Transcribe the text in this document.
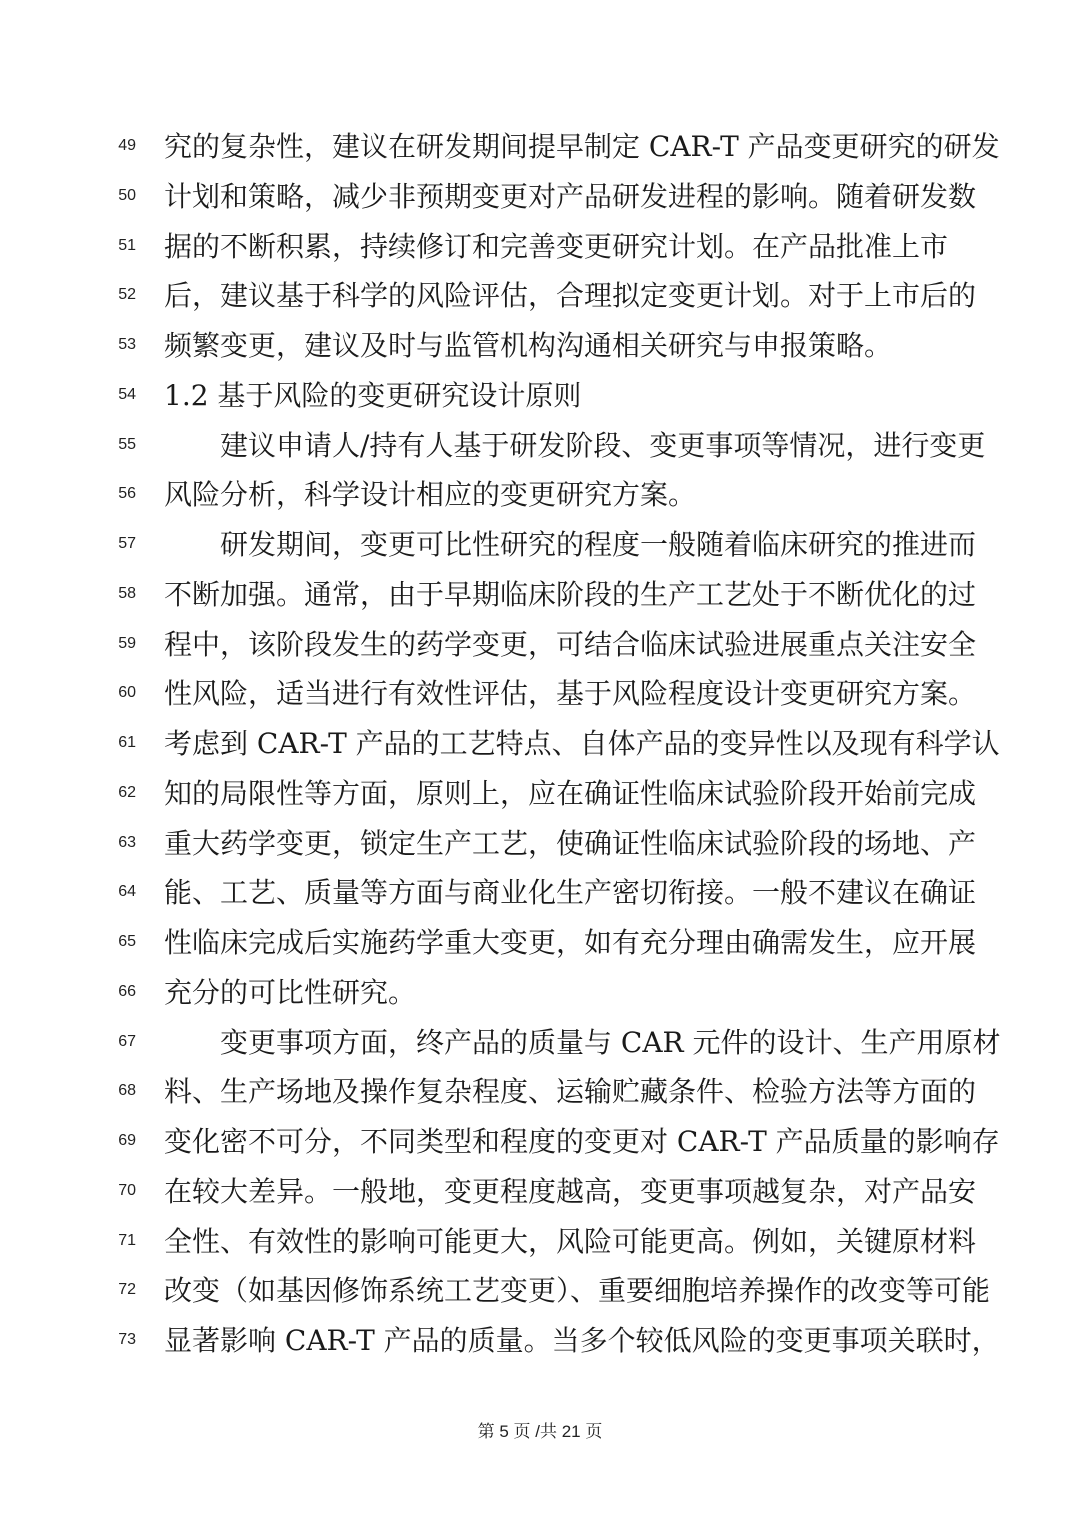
49 究的复杂性，建议在研发期间提早制定 CAR-T 产品变更研究的研发
50 计划和策略，减少非预期变更对产品研发进程的影响。随着研发数
51 据的不断积累，持续修订和完善变更研究计划。在产品批准上市
52 后，建议基于科学的风险评估，合理拟定变更计划。对于上市后的
53 频繁变更，建议及时与监管机构沟通相关研究与申报策略。
54 1.2 基于风险的变更研究设计原则
55	建议申请人/持有人基于研发阶段、变更事项等情况，进行变更
56 风险分析，科学设计相应的变更研究方案。
57	研发期间，变更可比性研究的程度一般随着临床研究的推进而
58 不断加强。通常，由于早期临床阶段的生产工艺处于不断优化的过
59 程中，该阶段发生的药学变更，可结合临床试验进展重点关注安全
60 性风险，适当进行有效性评估，基于风险程度设计变更研究方案。
61 考虑到 CAR-T 产品的工艺特点、自体产品的变异性以及现有科学认
62 知的局限性等方面，原则上，应在确证性临床试验阶段开始前完成
63 重大药学变更，锁定生产工艺，使确证性临床试验阶段的场地、产
64 能、工艺、质量等方面与商业化生产密切衔接。一般不建议在确证
65 性临床完成后实施药学重大变更，如有充分理由确需发生，应开展
66 充分的可比性研究。
67	变更事项方面，终产品的质量与 CAR 元件的设计、生产用原材
68 料、生产场地及操作复杂程度、运输贮藏条件、检验方法等方面的
69 变化密不可分，不同类型和程度的变更对 CAR-T 产品质量的影响存
70 在较大差异。一般地，变更程度越高，变更事项越复杂，对产品安
71 全性、有效性的影响可能更大，风险可能更高。例如，关键原材料
72 改变（如基因修饰系统工艺变更）、重要细胞培养操作的改变等可能
73 显著影响 CAR-T 产品的质量。当多个较低风险的变更事项关联时，
第 5 页 /共 21 页
